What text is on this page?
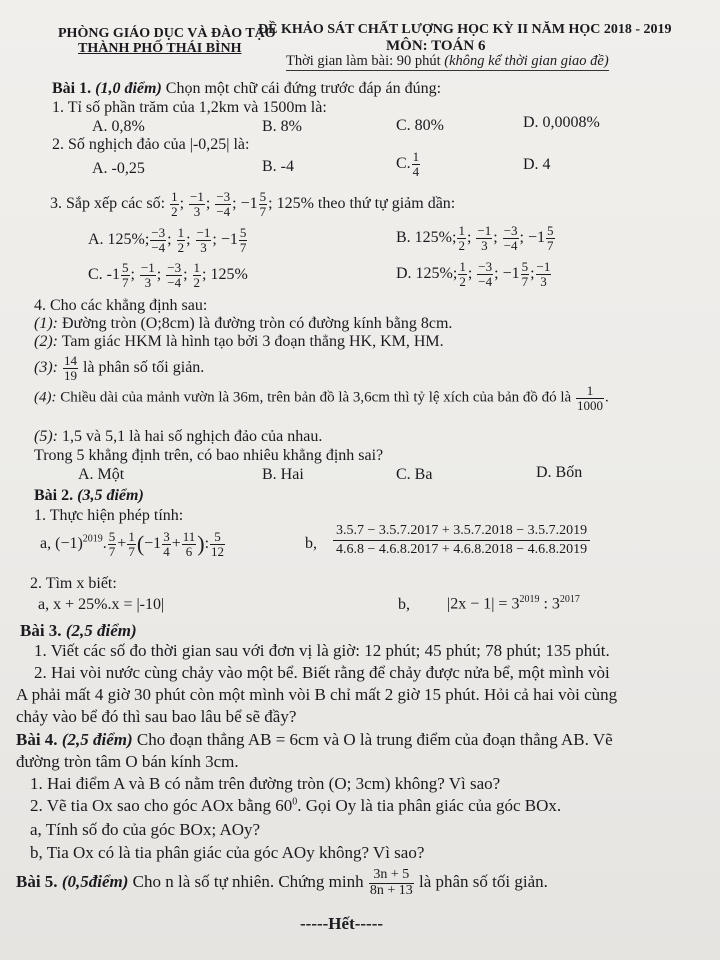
PHÒNG GIÁO DỤC VÀ ĐÀO TẠO
THÀNH PHỐ THÁI BÌNH
ĐỀ KHẢO SÁT CHẤT LƯỢNG HỌC KỲ II NĂM HỌC 2018 - 2019
MÔN: TOÁN 6
Thời gian làm bài: 90 phút (không kể thời gian giao đề)
Bài 1. (1,0 điểm) Chọn một chữ cái đứng trước đáp án đúng:
1. Tỉ số phần trăm của 1,2km và 1500m là:
A. 0,8%	B. 8%	C. 80%	D. 0,0008%
2. Số nghịch đảo của |-0,25| là:
A. -0,25	B. -4	C. $\frac{1}{4}$	D. 4
3. Sắp xếp các số: $\frac{1}{2}$ ; $\frac{-1}{3}$ ; $\frac{-3}{-4}$ ; $-1 \frac{5}{7}$ ; 125% theo thứ tự giảm dần:
A. 125%; $\frac{-3}{-4}$ ; $\frac{1}{2}$ ; $\frac{-1}{3}$ ; $-1 \frac{5}{7}$	B. 125%; $\frac{1}{2}$ ; $\frac{-1}{3}$ ; $\frac{-3}{-4}$ ; $-1 \frac{5}{7}$
C. $-1 \frac{5}{7}$ ; $\frac{-1}{3}$ ; $\frac{-3}{-4}$ ; $\frac{1}{2}$ ; 125%	D. 125%; $\frac{1}{2}$ ; $\frac{-3}{-4}$ ; $-1 \frac{5}{7}$ ; $\frac{-1}{3}$
4. Cho các khẳng định sau:
(1): Đường tròn (O;8cm) là đường tròn có đường kính bằng 8cm.
(2): Tam giác HKM là hình tạo bởi 3 đoạn thẳng HK, KM, HM.
(3): $\frac{14}{19}$ là phân số tối giản.
(4): Chiều dài của mảnh vườn là 36m, trên bản đồ là 3,6cm thì tỷ lệ xích của bản đồ đó là $\frac{1}{1000}$ .
(5): 1,5 và 5,1 là hai số nghịch đảo của nhau.
Trong 5 khẳng định trên, có bao nhiêu khẳng định sai?
A. Một	B. Hai	C. Ba	D. Bốn
Bài 2. (3,5 điểm)
1. Thực hiện phép tính:
a, $(-1)^{2019}$. $\frac{5}{7} + \frac{1}{7} (-1 \frac{3}{4} + \frac{11}{6}$ ): $\frac{5}{12}$	b, $\frac{3.5.7 - 3.5.7.2017 + 3.5.7.2018 - 3.5.7.2019}{4.6.8 - 4.6.8.2017 + 4.6.8.2018 - 4.6.8.2019}$
2. Tìm x biết:
a, x + 25%.x = |-10|	b, $|2x - 1| = 3^{2019}$ : $3^{2017}$
Bài 3. (2,5 điểm)
1. Viết các số đo thời gian sau với đơn vị là giờ: 12 phút; 45 phút; 78 phút; 135 phút.
2. Hai vòi nước cùng chảy vào một bể. Biết rằng để chảy được nửa bể, một mình vòi
A phải mất 4 giờ 30 phút còn một mình vòi B chỉ mất 2 giờ 15 phút. Hỏi cả hai vòi cùng
chảy vào bể đó thì sau bao lâu bể sẽ đầy?
Bài 4. (2,5 điểm) Cho đoạn thẳng AB = 6cm và O là trung điểm của đoạn thẳng AB. Vẽ
đường tròn tâm O bán kính 3cm.
1. Hai điểm A và B có nằm trên đường tròn (O; 3cm) không? Vì sao?
2. Vẽ tia Ox sao cho góc AOx bằng $60^0$. Gọi Oy là tia phân giác của góc BOx.
a, Tính số đo của góc BOx; AOy?
b, Tia Ox có là tia phân giác của góc AOy không? Vì sao?
Bài 5. (0,5điểm) Cho n là số tự nhiên. Chứng minh $\frac{3n + 5}{8n + 13}$ là phân số tối giản.
-----Hết-----
